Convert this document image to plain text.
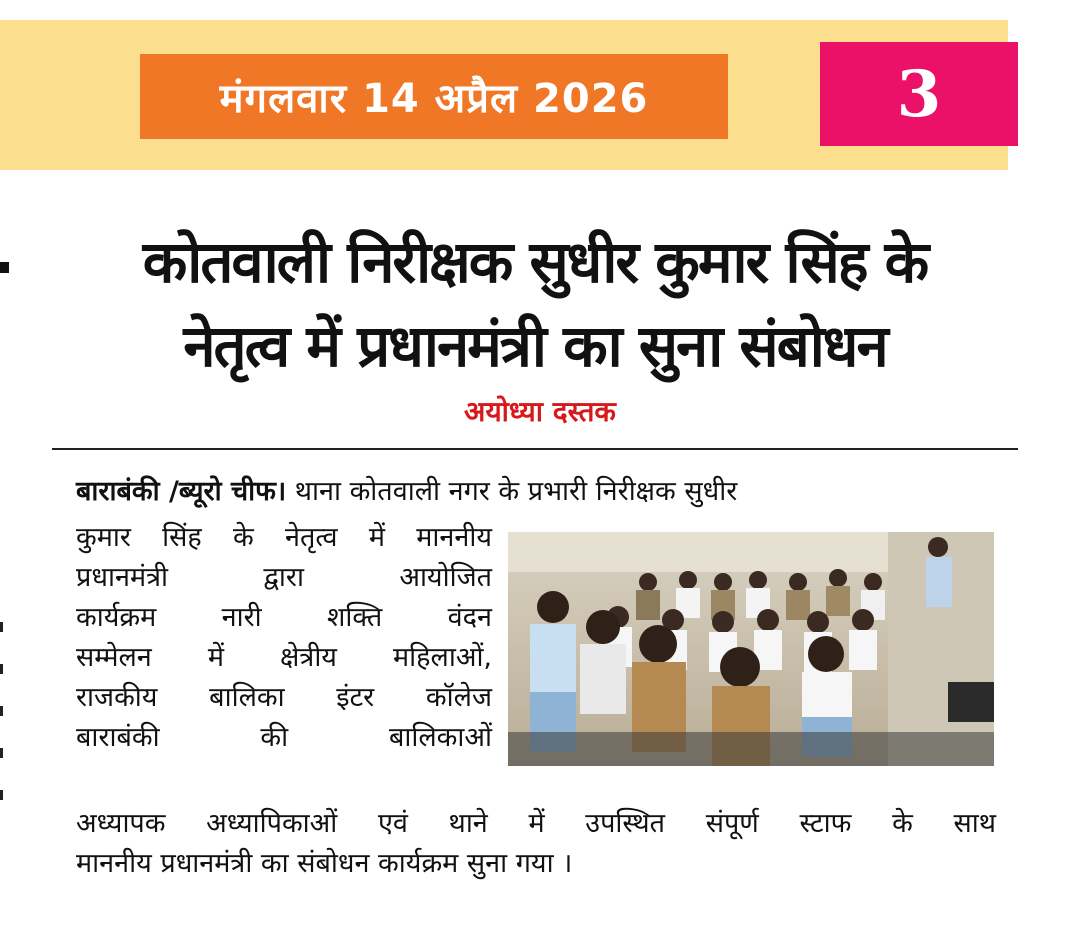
मंगलवार 14 अप्रैल 2026	3
कोतवाली निरीक्षक सुधीर कुमार सिंह के
नेतृत्व में प्रधानमंत्री का सुना संबोधन
अयोध्या दस्तक
बाराबंकी /ब्यूरो चीफ। थाना कोतवाली नगर के प्रभारी निरीक्षक सुधीर
कुमार सिंह के नेतृत्व में माननीय
प्रधानमंत्री द्वारा आयोजित
कार्यक्रम नारी शक्ति वंदन
सम्मेलन में क्षेत्रीय महिलाओं,
राजकीय बालिका इंटर कॉलेज
बाराबंकी की बालिकाओं
अध्यापक अध्यापिकाओं एवं थाने में उपस्थित संपूर्ण स्टाफ के साथ
माननीय प्रधानमंत्री का संबोधन कार्यक्रम सुना गया ।
